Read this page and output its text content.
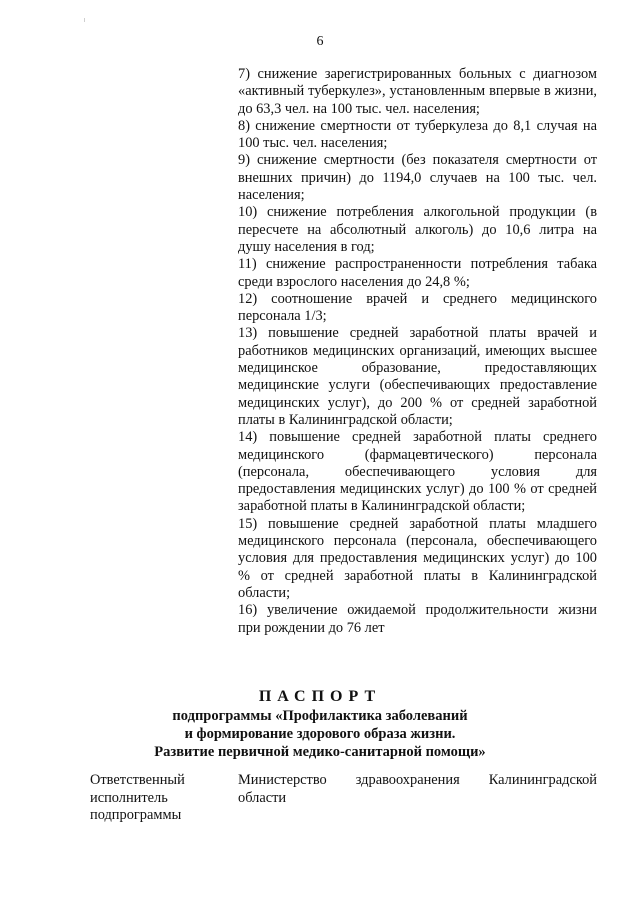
6

7) снижение зарегистрированных больных с диагнозом «активный туберкулез», установленным впервые в жизни, до 63,3 чел. на 100 тыс. чел. населения;

8) снижение смертности от туберкулеза до 8,1 случая на 100 тыс. чел. населения;

9) снижение смертности (без показателя смертности от внешних причин) до 1194,0 случаев на 100 тыс. чел. населения;

10) снижение потребления алкогольной продукции (в пересчете на абсолютный алкоголь) до 10,6 литра на душу населения в год;

11) снижение распространенности потребления табака среди взрослого населения до 24,8 %;

12) соотношение врачей и среднего медицинского персонала 1/3;

13) повышение средней заработной платы врачей и работников медицинских организаций, имеющих высшее медицинское образование, предоставляющих медицинские услуги (обеспечивающих предоставление медицинских услуг), до 200 % от средней заработной платы в Калининградской области;

14) повышение средней заработной платы среднего медицинского (фармацевтического) персонала (персонала, обеспечивающего условия для предоставления медицинских услуг) до 100 % от средней заработной платы в Калининградской области;

15) повышение средней заработной платы младшего медицинского персонала (персонала, обеспечивающего условия для предоставления медицинских услуг) до 100 % от средней заработной платы в Калининградской области;

16) увеличение ожидаемой продолжительности жизни при рождении до 76 лет

ПАСПОРТ

подпрограммы «Профилактика заболеваний
и формирование здорового образа жизни.
Развитие первичной медико-санитарной помощи»

Ответственный
исполнитель
подпрограммы
Министерство здравоохранения Калининградской области
